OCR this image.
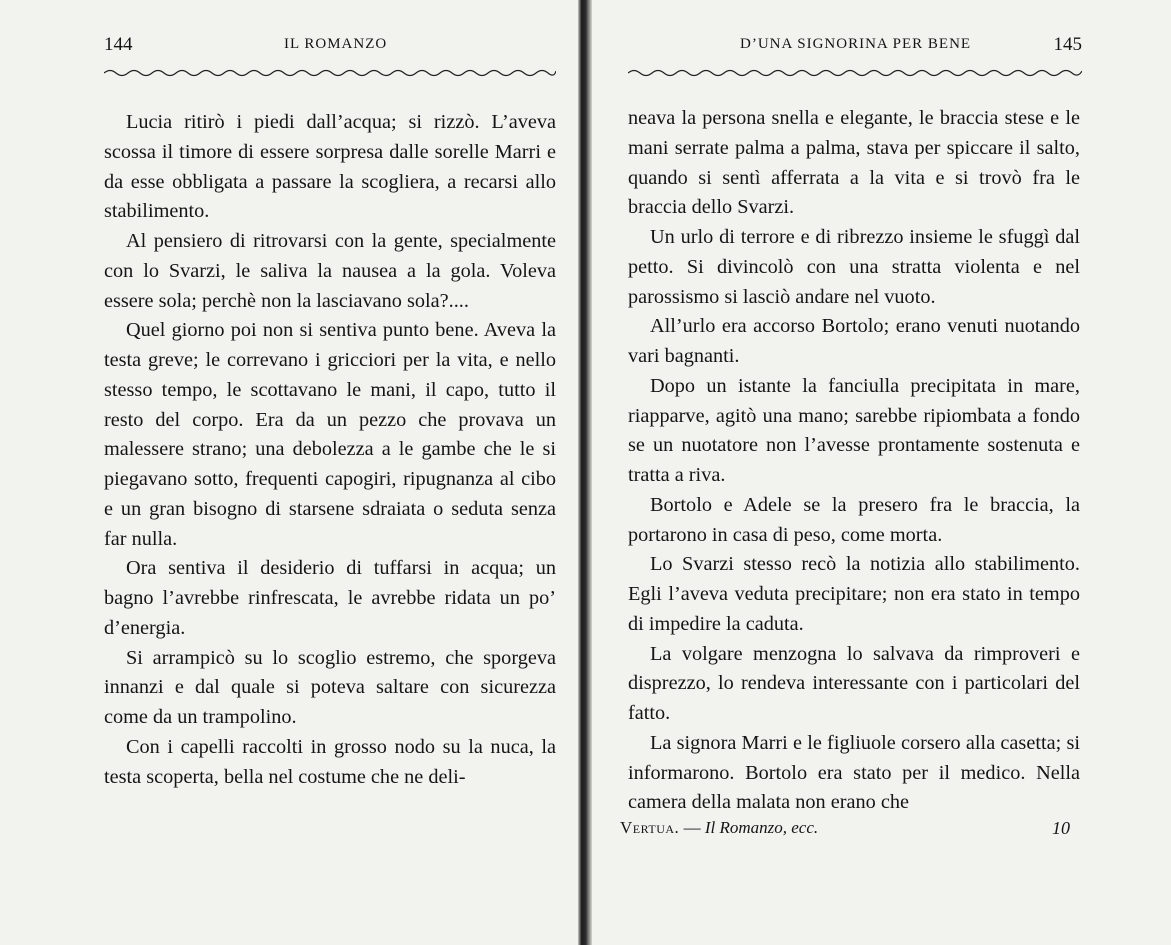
144	IL ROMANZO

Lucia ritirò i piedi dall’acqua; si rizzò. L’aveva scossa il timore di essere sorpresa dalle sorelle Marri e da esse obbligata a passare la scogliera, a recarsi allo stabilimento.

Al pensiero di ritrovarsi con la gente, specialmente con lo Svarzi, le saliva la nausea a la gola. Voleva essere sola; perchè non la lasciavano sola?....

Quel giorno poi non si sentiva punto bene. Aveva la testa greve; le correvano i gricciori per la vita, e nello stesso tempo, le scottavano le mani, il capo, tutto il resto del corpo. Era da un pezzo che provava un malessere strano; una debolezza a le gambe che le si piegavano sotto, frequenti capogiri, ripugnanza al cibo e un gran bisogno di starsene sdraiata o seduta senza far nulla.

Ora sentiva il desiderio di tuffarsi in acqua; un bagno l’avrebbe rinfrescata, le avrebbe ridata un po’ d’energia.

Si arrampicò su lo scoglio estremo, che sporgeva innanzi e dal quale si poteva saltare con sicurezza come da un trampolino.

Con i capelli raccolti in grosso nodo su la nuca, la testa scoperta, bella nel costume che ne deli-

D’UNA SIGNORINA PER BENE	145

neava la persona snella e elegante, le braccia stese e le mani serrate palma a palma, stava per spiccare il salto, quando si sentì afferrata a la vita e si trovò fra le braccia dello Svarzi.

Un urlo di terrore e di ribrezzo insieme le sfuggì dal petto. Si divincolò con una stratta violenta e nel parossismo si lasciò andare nel vuoto.

All’urlo era accorso Bortolo; erano venuti nuotando vari bagnanti.

Dopo un istante la fanciulla precipitata in mare, riapparve, agitò una mano; sarebbe ripiombata a fondo se un nuotatore non l’avesse prontamente sostenuta e tratta a riva.

Bortolo e Adele se la presero fra le braccia, la portarono in casa di peso, come morta.

Lo Svarzi stesso recò la notizia allo stabilimento. Egli l’aveva veduta precipitare; non era stato in tempo di impedire la caduta.

La volgare menzogna lo salvava da rimproveri e disprezzo, lo rendeva interessante con i particolari del fatto.

La signora Marri e le figliuole corsero alla casetta; si informarono. Bortolo era stato per il medico. Nella camera della malata non erano che

Vertua. — Il Romanzo, ecc.	10
